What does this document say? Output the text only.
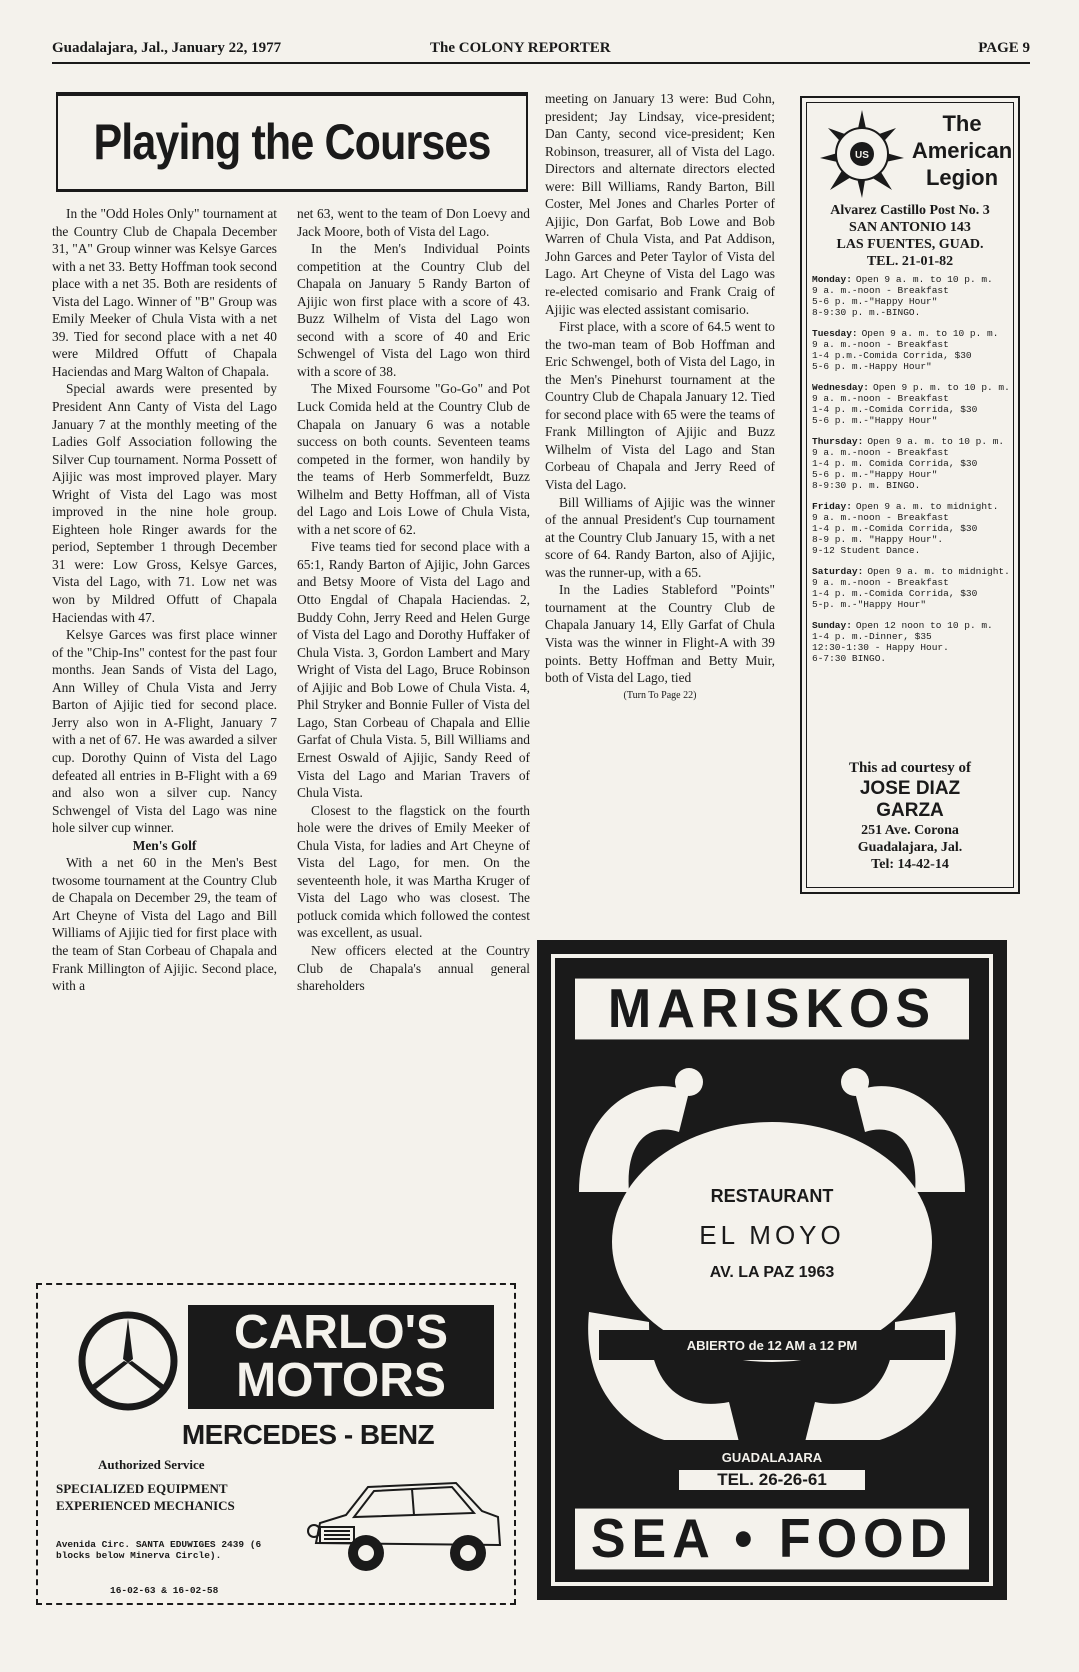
Guadalajara, Jal., January 22, 1977	The COLONY REPORTER	PAGE 9
Playing the Courses

In the "Odd Holes Only" tournament at the Country Club de Chapala December 31, "A" Group winner was Kelsye Garces with a net 33. Betty Hoffman took second place with a net 35. Both are residents of Vista del Lago. Winner of "B" Group was Emily Meeker of Chula Vista with a net 39. Tied for second place with a net 40 were Mildred Offutt of Chapala Haciendas and Marg Walton of Chapala.

Special awards were presented by President Ann Canty of Vista del Lago January 7 at the monthly meeting of the Ladies Golf Association following the Silver Cup tournament. Norma Possett of Ajijic was most improved player. Mary Wright of Vista del Lago was most improved in the nine hole group. Eighteen hole Ringer awards for the period, September 1 through December 31 were: Low Gross, Kelsye Garces, Vista del Lago, with 71. Low net was won by Mildred Offutt of Chapala Haciendas with 47.

Kelsye Garces was first place winner of the "Chip-Ins" contest for the past four months. Jean Sands of Vista del Lago, Ann Willey of Chula Vista and Jerry Barton of Ajijic tied for second place. Jerry also won in A-Flight, January 7 with a net of 67. He was awarded a silver cup. Dorothy Quinn of Vista del Lago defeated all entries in B-Flight with a 69 and also won a silver cup. Nancy Schwengel of Vista del Lago was nine hole silver cup winner.

Men's Golf

With a net 60 in the Men's Best twosome tournament at the Country Club de Chapala on December 29, the team of Art Cheyne of Vista del Lago and Bill Williams of Ajijic tied for first place with the team of Stan Corbeau of Chapala and Frank Millington of Ajijic. Second place, with a

net 63, went to the team of Don Loevy and Jack Moore, both of Vista del Lago.

In the Men's Individual Points competition at the Country Club del Chapala on January 5 Randy Barton of Ajijic won first place with a score of 43. Buzz Wilhelm of Vista del Lago won second with a score of 40 and Eric Schwengel of Vista del Lago won third with a score of 38.

The Mixed Foursome "Go-Go" and Pot Luck Comida held at the Country Club de Chapala on January 6 was a notable success on both counts. Seventeen teams competed in the former, won handily by the teams of Herb Sommerfeldt, Buzz Wilhelm and Betty Hoffman, all of Vista del Lago and Lois Lowe of Chula Vista, with a net score of 62.

Five teams tied for second place with a 65:1, Randy Barton of Ajijic, John Garces and Betsy Moore of Vista del Lago and Otto Engdal of Chapala Haciendas. 2, Buddy Cohn, Jerry Reed and Helen Gurge of Vista del Lago and Dorothy Huffaker of Chula Vista. 3, Gordon Lambert and Mary Wright of Vista del Lago, Bruce Robinson of Ajijic and Bob Lowe of Chula Vista. 4, Phil Stryker and Bonnie Fuller of Vista del Lago, Stan Corbeau of Chapala and Ellie Garfat of Chula Vista. 5, Bill Williams and Ernest Oswald of Ajijic, Sandy Reed of Vista del Lago and Marian Travers of Chula Vista.

Closest to the flagstick on the fourth hole were the drives of Emily Meeker of Chula Vista, for ladies and Art Cheyne of Vista del Lago, for men. On the seventeenth hole, it was Martha Kruger of Vista del Lago who was closest. The potluck comida which followed the contest was excellent, as usual.

New officers elected at the Country Club de Chapala's annual general shareholders

meeting on January 13 were: Bud Cohn, president; Jay Lindsay, vice-president; Dan Canty, second vice-president; Ken Robinson, treasurer, all of Vista del Lago. Directors and alternate directors elected were: Bill Williams, Randy Barton, Bill Coster, Mel Jones and Charles Porter of Ajijic, Don Garfat, Bob Lowe and Bob Warren of Chula Vista, and Pat Addison, John Garces and Peter Taylor of Vista del Lago. Art Cheyne of Vista del Lago was re-elected comisario and Frank Craig of Ajijic was elected assistant comisario.

First place, with a score of 64.5 went to the two-man team of Bob Hoffman and Eric Schwengel, both of Vista del Lago, in the Men's Pinehurst tournament at the Country Club de Chapala January 12. Tied for second place with 65 were the teams of Frank Millington of Ajijic and Buzz Wilhelm of Vista del Lago and Stan Corbeau of Chapala and Jerry Reed of Vista del Lago.

Bill Williams of Ajijic was the winner of the annual President's Cup tournament at the Country Club January 15, with a net score of 64. Randy Barton, also of Ajijic, was the runner-up, with a 65.

In the Ladies Stableford "Points" tournament at the Country Club de Chapala January 14, Elly Garfat of Chula Vista was the winner in Flight-A with 39 points. Betty Hoffman and Betty Muir, both of Vista del Lago, tied

(Turn To Page 22)

US
The
American
Legion
Alvarez Castillo Post No. 3
SAN ANTONIO 143
LAS FUENTES, GUAD.
TEL. 21-01-82
Monday: Open 9 a. m. to 10 p. m.
9 a. m.-noon - Breakfast
5-6 p. m.-"Happy Hour"
8-9:30 p. m.-BINGO.
Tuesday: Open 9 a. m. to 10 p. m.
9 a. m.-noon - Breakfast
1-4 p.m.-Comida Corrida, $30
5-6 p. m.-Happy Hour"
Wednesday: Open 9 p. m. to 10 p. m.
9 a. m.-noon - Breakfast
1-4 p. m.-Comida Corrida, $30
5-6 p. m.-"Happy Hour"
Thursday: Open 9 a. m. to 10 p. m.
9 a. m.-noon - Breakfast
1-4 p. m. Comida Corrida, $30
5-6 p. m.-"Happy Hour"
8-9:30 p. m. BINGO.
Friday: Open 9 a. m. to midnight.
9 a. m.-noon - Breakfast
1-4 p. m.-Comida Corrida, $30
8-9 p. m. "Happy Hour".
9-12 Student Dance.
Saturday: Open 9 a. m. to midnight.
9 a. m.-noon - Breakfast
1-4 p. m.-Comida Corrida, $30
5-p. m.-"Happy Hour"
Sunday: Open 12 noon to 10 p. m.
1-4 p. m.-Dinner, $35
12:30-1:30 - Happy Hour.
6-7:30 BINGO.
This ad courtesy of
JOSE DIAZ
GARZA
251 Ave. Corona
Guadalajara, Jal.
Tel: 14-42-14
CARLO'S
MOTORS
MERCEDES - BENZ
Authorized Service
SPECIALIZED EQUIPMENT
EXPERIENCED MECHANICS
Avenida Circ. SANTA EDUWIGES 2439 (6 blocks below Minerva Circle).
16-02-63 & 16-02-58
MARISKOS
RESTAURANT
EL MOYO
AV. LA PAZ 1963
ABIERTO de 12 AM a 12 PM
GUADALAJARA
TEL. 26-26-61
SEA • FOOD
